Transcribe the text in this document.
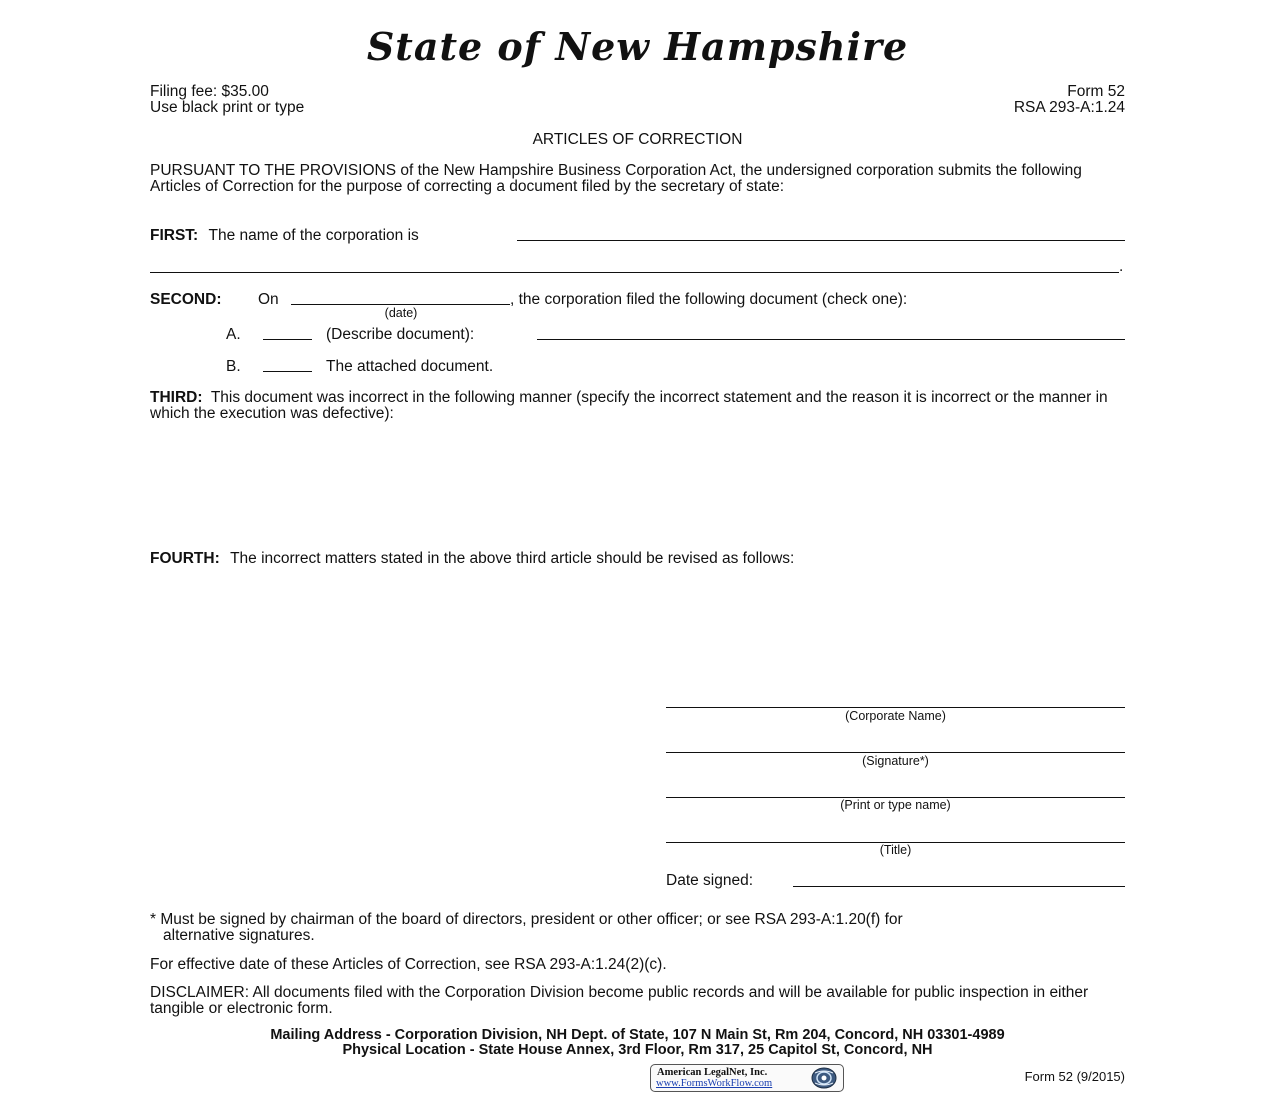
State of New Hampshire
Filing fee: $35.00
Use black print or type
Form 52
RSA 293-A:1.24
ARTICLES OF CORRECTION
PURSUANT TO THE PROVISIONS of the New Hampshire Business Corporation Act, the undersigned corporation submits the following Articles of Correction for the purpose of correcting a document filed by the secretary of state:
FIRST: The name of the corporation is
.
SECOND: On	, the corporation filed the following document (check one):
(date)
A.	(Describe document):
B.	The attached document.
THIRD: This document was incorrect in the following manner (specify the incorrect statement and the reason it is incorrect or the manner in which the execution was defective):
FOURTH: The incorrect matters stated in the above third article should be revised as follows:
(Corporate Name)
(Signature*)
(Print or type name)
(Title)
Date signed:
* Must be signed by chairman of the board of directors, president or other officer; or see RSA 293-A:1.20(f) for
alternative signatures.
For effective date of these Articles of Correction, see RSA 293-A:1.24(2)(c).
DISCLAIMER: All documents filed with the Corporation Division become public records and will be available for public inspection in either tangible or electronic form.
Mailing Address - Corporation Division, NH Dept. of State, 107 N Main St, Rm 204, Concord, NH 03301-4989
Physical Location - State House Annex, 3rd Floor, Rm 317, 25 Capitol St, Concord, NH
American LegalNet, Inc.
www.FormsWorkFlow.com	Form 52 (9/2015)
